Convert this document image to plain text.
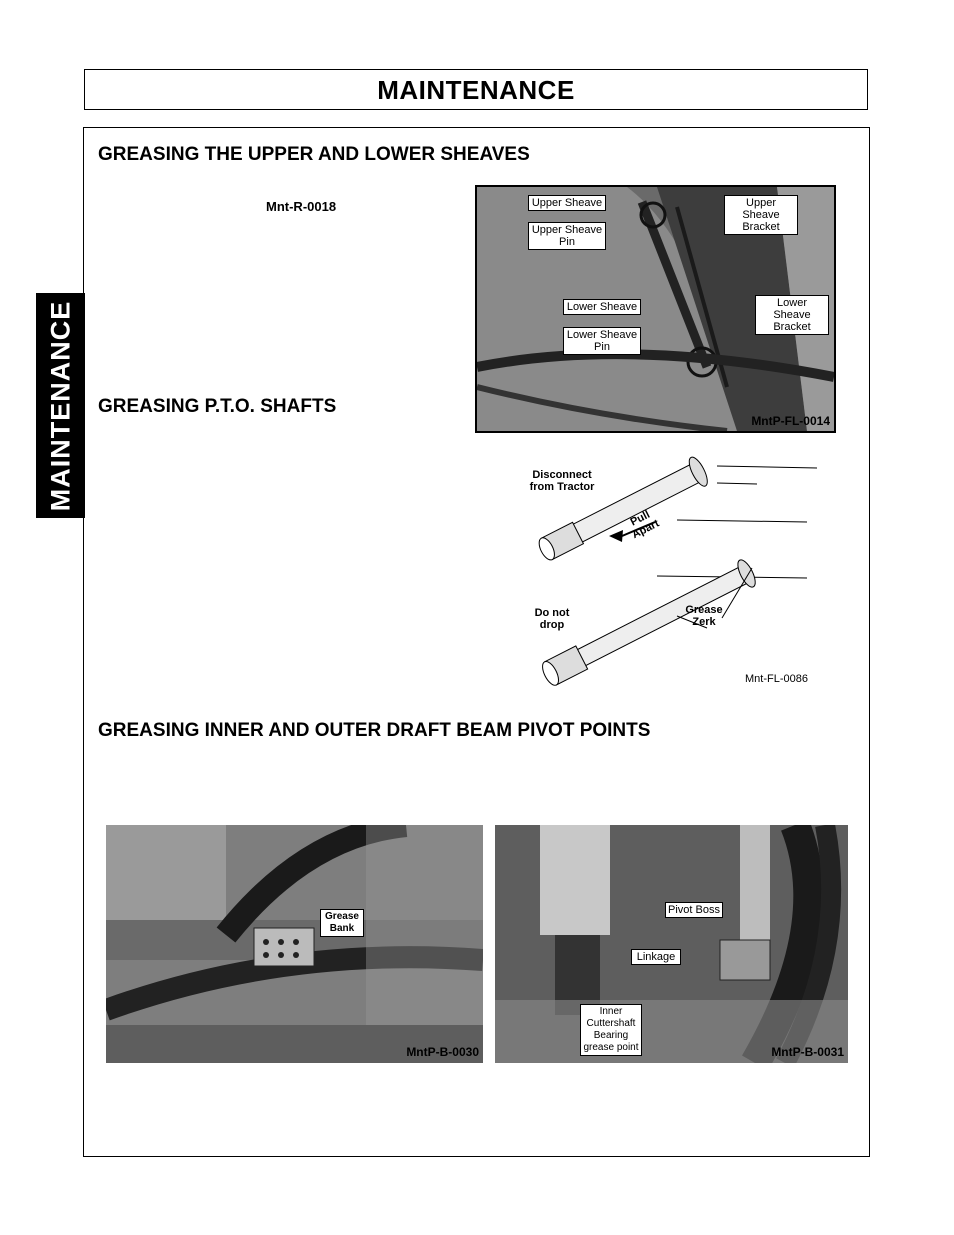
MAINTENANCE
MAINTENANCE
GREASING THE UPPER AND LOWER SHEAVES
Mnt-R-0018
GREASING P.T.O. SHAFTS
GREASING INNER AND OUTER DRAFT BEAM PIVOT POINTS
Upper Sheave
Upper Sheave Pin
Upper Sheave Bracket
Lower Sheave
Lower Sheave Pin
Lower Sheave Bracket
MntP-FL-0014
Disconnect from Tractor
Pull Apart
Grease Zerk
Do not drop
Mnt-FL-0086
Grease Bank
MntP-B-0030
Pivot Boss
Linkage
Inner Cuttershaft Bearing grease point	MntP-B-0031
